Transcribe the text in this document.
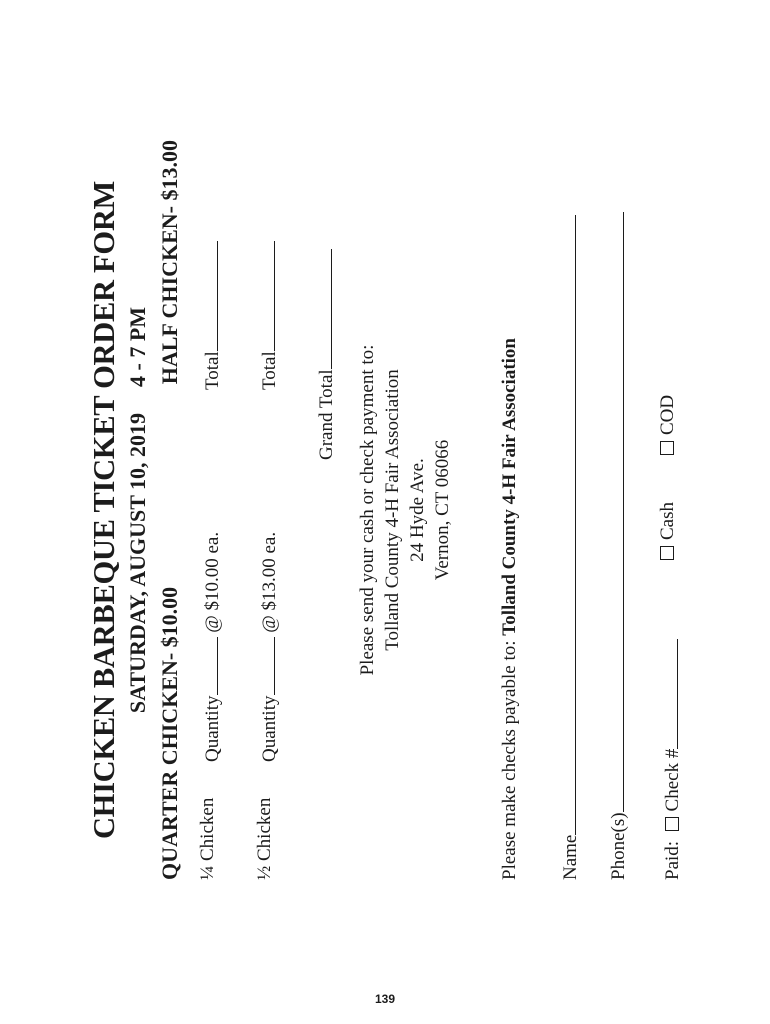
CHICKEN BARBEQUE TICKET ORDER FORM SATURDAY, AUGUST 10, 20194 - 7 PM
QUARTER CHICKEN- $10.00
HALF CHICKEN- $13.00
¼ Chicken
Quantity @ $10.00 ea.
Total
½ Chicken
Quantity @ $13.00 ea.
Total Grand Total Please send your cash or check payment to: Tolland County 4-H Fair Association 24 Hyde Ave. Vernon, CT 06066
Please make checks payable to: Tolland County 4-H Fair Association
Name Phone(s) Paid:  Check #
Cash
COD
139
